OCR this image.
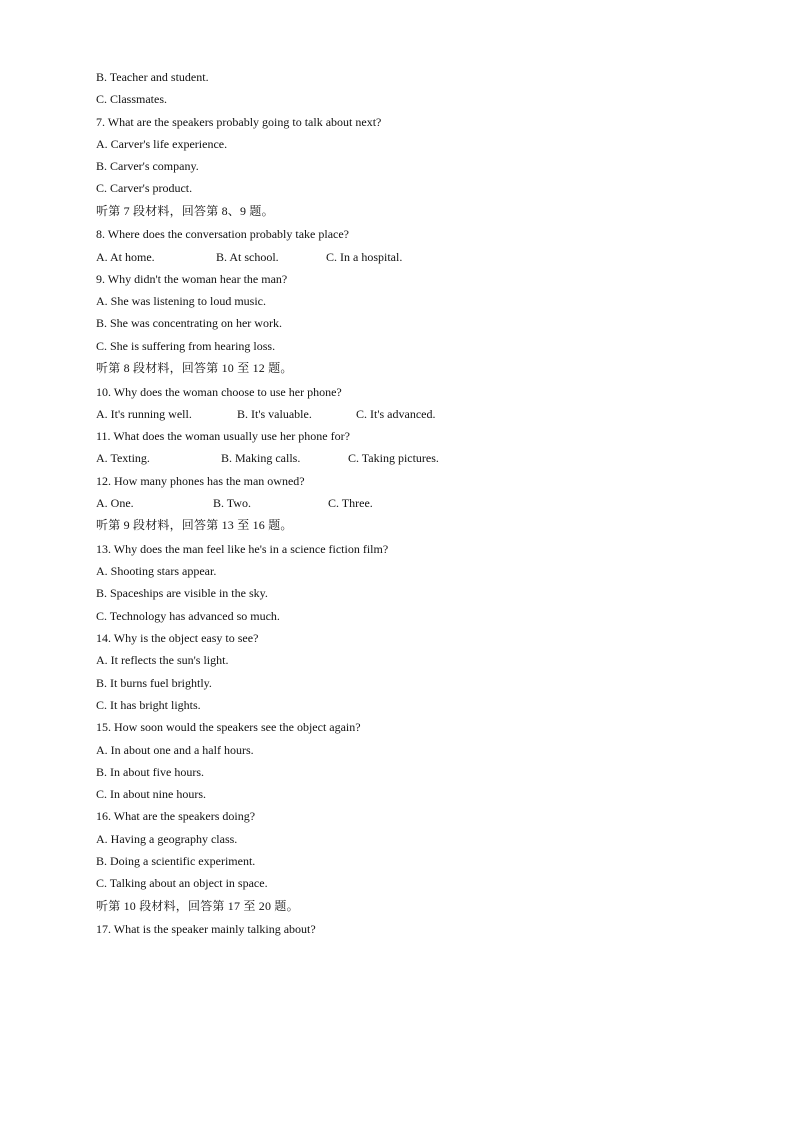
B. Teacher and student.
C. Classmates.
7. What are the speakers probably going to talk about next?
A. Carver's life experience.
B. Carver's company.
C. Carver's product.
听第 7 段材料，回答第 8、9 题。
8. Where does the conversation probably take place?
A. At home.	B. At school.	C. In a hospital.
9. Why didn't the woman hear the man?
A. She was listening to loud music.
B. She was concentrating on her work.
C. She is suffering from hearing loss.
听第 8 段材料，回答第 10 至 12 题。
10. Why does the woman choose to use her phone?
A. It's running well.	B. It's valuable.	C. It's advanced.
11. What does the woman usually use her phone for?
A. Texting.	B. Making calls.	C. Taking pictures.
12. How many phones has the man owned?
A. One.	B. Two.	C. Three.
听第 9 段材料，回答第 13 至 16 题。
13. Why does the man feel like he's in a science fiction film?
A. Shooting stars appear.
B. Spaceships are visible in the sky.
C. Technology has advanced so much.
14. Why is the object easy to see?
A. It reflects the sun's light.
B. It burns fuel brightly.
C. It has bright lights.
15. How soon would the speakers see the object again?
A. In about one and a half hours.
B. In about five hours.
C. In about nine hours.
16. What are the speakers doing?
A. Having a geography class.
B. Doing a scientific experiment.
C. Talking about an object in space.
听第 10 段材料，回答第 17 至 20 题。
17. What is the speaker mainly talking about?
